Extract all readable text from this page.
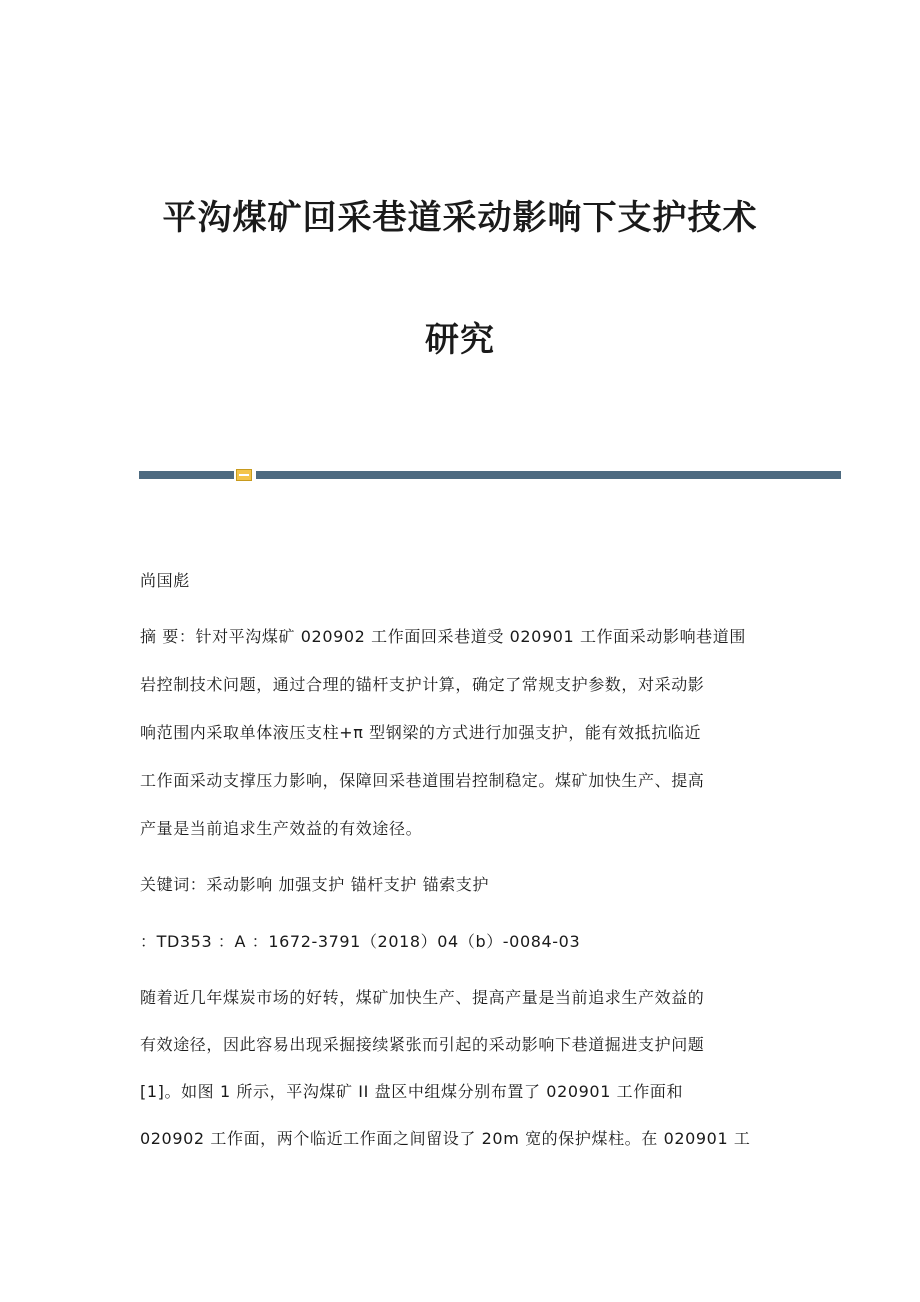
平沟煤矿回采巷道采动影响下支护技术
研究
尚国彪
摘 要：针对平沟煤矿 020902 工作面回采巷道受 020901 工作面采动影响巷道围
岩控制技术问题，通过合理的锚杆支护计算，确定了常规支护参数，对采动影
响范围内采取单体液压支柱+π 型钢梁的方式进行加强支护，能有效抵抗临近
工作面采动支撑压力影响，保障回采巷道围岩控制稳定。煤矿加快生产、提高
产量是当前追求生产效益的有效途径。
关键词：采动影响 加强支护 锚杆支护 锚索支护
：TD353 ：A ：1672-3791（2018）04（b）-0084-03
随着近几年煤炭市场的好转，煤矿加快生产、提高产量是当前追求生产效益的
有效途径，因此容易出现采掘接续紧张而引起的采动影响下巷道掘进支护问题
[1]。如图 1 所示，平沟煤矿 II 盘区中组煤分别布置了 020901 工作面和
020902 工作面，两个临近工作面之间留设了 20m 宽的保护煤柱。在 020901 工
